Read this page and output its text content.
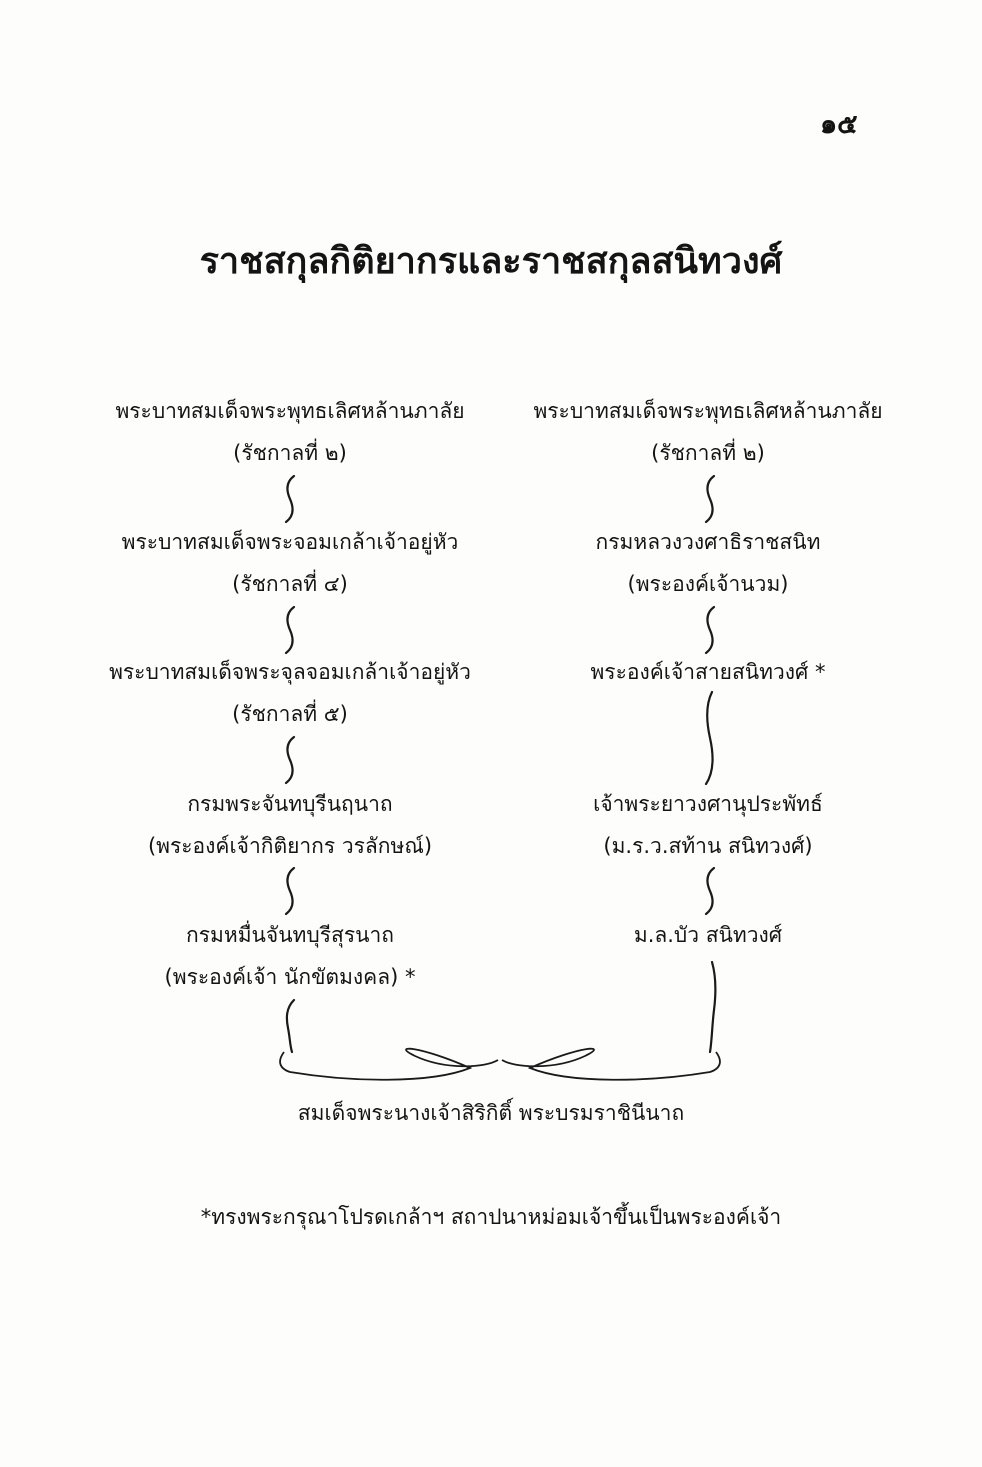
๑๕
ราชสกุลกิติยากรและราชสกุลสนิทวงศ์
พระบาทสมเด็จพระพุทธเลิศหล้านภาลัย
(รัชกาลที่ ๒)
พระบาทสมเด็จพระจอมเกล้าเจ้าอยู่หัว
(รัชกาลที่ ๔)
พระบาทสมเด็จพระจุลจอมเกล้าเจ้าอยู่หัว
(รัชกาลที่ ๕)
กรมพระจันทบุรีนฤนาถ
(พระองค์เจ้ากิติยากร วรลักษณ์)
กรมหมื่นจันทบุรีสุรนาถ
(พระองค์เจ้า นักขัตมงคล) *
พระบาทสมเด็จพระพุทธเลิศหล้านภาลัย
(รัชกาลที่ ๒)
กรมหลวงวงศาธิราชสนิท
(พระองค์เจ้านวม)
พระองค์เจ้าสายสนิทวงศ์ *
เจ้าพระยาวงศานุประพัทธ์
(ม.ร.ว.สท้าน สนิทวงศ์)
ม.ล.บัว สนิทวงศ์
สมเด็จพระนางเจ้าสิริกิติ์ พระบรมราชินีนาถ
*ทรงพระกรุณาโปรดเกล้าฯ สถาปนาหม่อมเจ้าขึ้นเป็นพระองค์เจ้า
